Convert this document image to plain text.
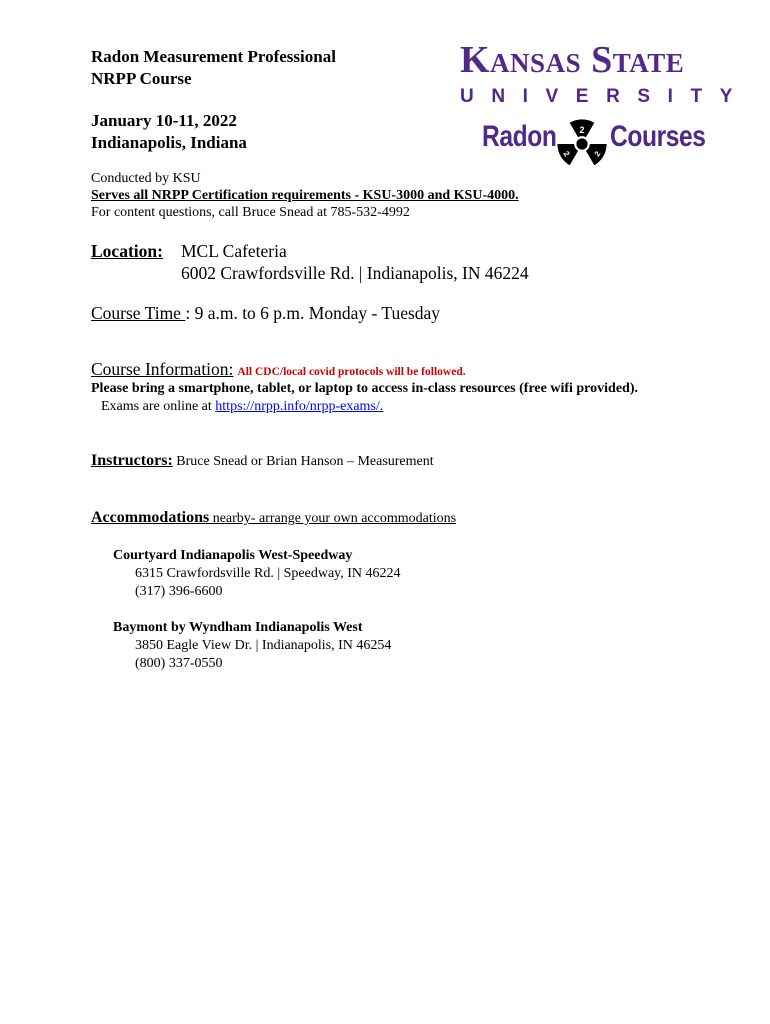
Radon Measurement Professional
NRPP Course
January 10-11, 2022
Indianapolis, Indiana
Kansas State
UNIVERSITY
Radon 2
2
2
Courses
Conducted by KSU
Serves all NRPP Certification requirements - KSU-3000 and KSU-4000.
For content questions, call Bruce Snead at 785-532-4992
Location: MCL Cafeteria
6002 Crawfordsville Rd. | Indianapolis, IN 46224
Course Time : 9 a.m. to 6 p.m. Monday - Tuesday
Course Information: All CDC/local covid protocols will be followed.
Please bring a smartphone, tablet, or laptop to access in-class resources (free wifi provided).
Exams are online at https://nrpp.info/nrpp-exams/.
Instructors: Bruce Snead or Brian Hanson – Measurement
Accommodations nearby- arrange your own accommodations
Courtyard Indianapolis West-Speedway
6315 Crawfordsville Rd. | Speedway, IN 46224
(317) 396-6600
Baymont by Wyndham Indianapolis West
3850 Eagle View Dr. | Indianapolis, IN 46254
(800) 337-0550
